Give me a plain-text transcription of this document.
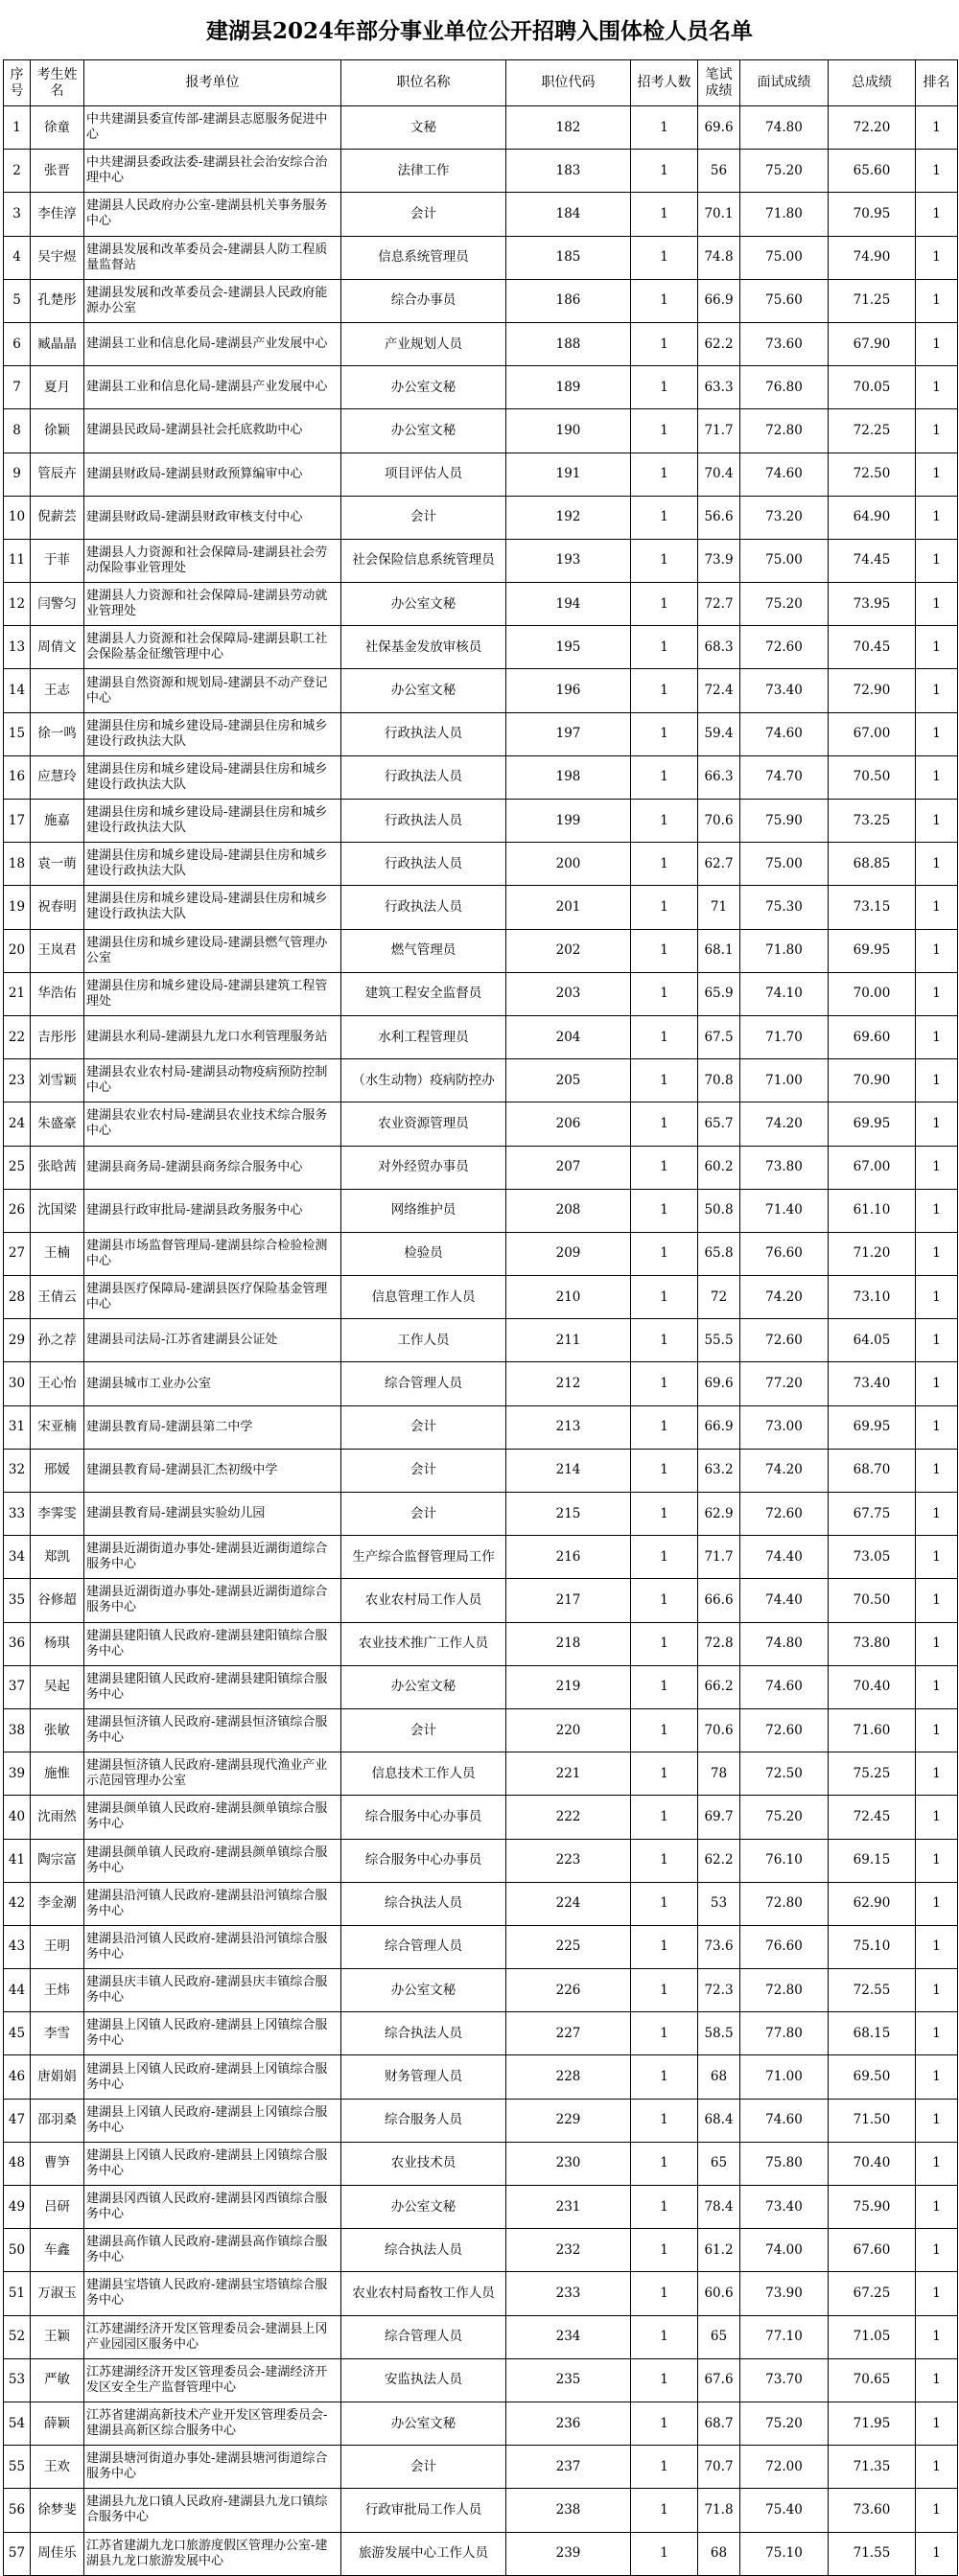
建湖县2024年部分事业单位公开招聘入围体检人员名单
序号	考生姓名	报考单位	职位名称	职位代码	招考人数	笔试成绩	面试成绩	总成绩	排名
1	徐童	中共建湖县委宣传部-建湖县志愿服务促进中心	文秘	182	1	69.6	74.80	72.20	1
2	张晋	中共建湖县委政法委-建湖县社会治安综合治理中心	法律工作	183	1	56	75.20	65.60	1
3	李佳淳	建湖县人民政府办公室-建湖县机关事务服务中心	会计	184	1	70.1	71.80	70.95	1
4	吴宇煜	建湖县发展和改革委员会-建湖县人防工程质量监督站	信息系统管理员	185	1	74.8	75.00	74.90	1
5	孔楚彤	建湖县发展和改革委员会-建湖县人民政府能源办公室	综合办事员	186	1	66.9	75.60	71.25	1
6	臧晶晶	建湖县工业和信息化局-建湖县产业发展中心	产业规划人员	188	1	62.2	73.60	67.90	1
7	夏月	建湖县工业和信息化局-建湖县产业发展中心	办公室文秘	189	1	63.3	76.80	70.05	1
8	徐颖	建湖县民政局-建湖县社会托底救助中心	办公室文秘	190	1	71.7	72.80	72.25	1
9	管辰卉	建湖县财政局-建湖县财政预算编审中心	项目评估人员	191	1	70.4	74.60	72.50	1
10	倪薪芸	建湖县财政局-建湖县财政审核支付中心	会计	192	1	56.6	73.20	64.90	1
11	于菲	建湖县人力资源和社会保障局-建湖县社会劳动保险事业管理处	社会保险信息系统管理员	193	1	73.9	75.00	74.45	1
12	闫警匀	建湖县人力资源和社会保障局-建湖县劳动就业管理处	办公室文秘	194	1	72.7	75.20	73.95	1
13	周倩文	建湖县人力资源和社会保障局-建湖县职工社会保险基金征缴管理中心	社保基金发放审核员	195	1	68.3	72.60	70.45	1
14	王志	建湖县自然资源和规划局-建湖县不动产登记中心	办公室文秘	196	1	72.4	73.40	72.90	1
15	徐一鸣	建湖县住房和城乡建设局-建湖县住房和城乡建设行政执法大队	行政执法人员	197	1	59.4	74.60	67.00	1
16	应慧玲	建湖县住房和城乡建设局-建湖县住房和城乡建设行政执法大队	行政执法人员	198	1	66.3	74.70	70.50	1
17	施嘉	建湖县住房和城乡建设局-建湖县住房和城乡建设行政执法大队	行政执法人员	199	1	70.6	75.90	73.25	1
18	袁一萌	建湖县住房和城乡建设局-建湖县住房和城乡建设行政执法大队	行政执法人员	200	1	62.7	75.00	68.85	1
19	祝春明	建湖县住房和城乡建设局-建湖县住房和城乡建设行政执法大队	行政执法人员	201	1	71	75.30	73.15	1
20	王岚君	建湖县住房和城乡建设局-建湖县燃气管理办公室	燃气管理员	202	1	68.1	71.80	69.95	1
21	华浩佑	建湖县住房和城乡建设局-建湖县建筑工程管理处	建筑工程安全监督员	203	1	65.9	74.10	70.00	1
22	吉彤彤	建湖县水利局-建湖县九龙口水利管理服务站	水利工程管理员	204	1	67.5	71.70	69.60	1
23	刘雪颖	建湖县农业农村局-建湖县动物疫病预防控制中心	（水生动物）疫病防控办	205	1	70.8	71.00	70.90	1
24	朱盛豪	建湖县农业农村局-建湖县农业技术综合服务中心	农业资源管理员	206	1	65.7	74.20	69.95	1
25	张晗茜	建湖县商务局-建湖县商务综合服务中心	对外经贸办事员	207	1	60.2	73.80	67.00	1
26	沈国梁	建湖县行政审批局-建湖县政务服务中心	网络维护员	208	1	50.8	71.40	61.10	1
27	王楠	建湖县市场监督管理局-建湖县综合检验检测中心	检验员	209	1	65.8	76.60	71.20	1
28	王倩云	建湖县医疗保障局-建湖县医疗保险基金管理中心	信息管理工作人员	210	1	72	74.20	73.10	1
29	孙之荐	建湖县司法局-江苏省建湖县公证处	工作人员	211	1	55.5	72.60	64.05	1
30	王心怡	建湖县城市工业办公室	综合管理人员	212	1	69.6	77.20	73.40	1
31	宋亚楠	建湖县教育局-建湖县第二中学	会计	213	1	66.9	73.00	69.95	1
32	邢媛	建湖县教育局-建湖县汇杰初级中学	会计	214	1	63.2	74.20	68.70	1
33	李霁雯	建湖县教育局-建湖县实验幼儿园	会计	215	1	62.9	72.60	67.75	1
34	郑凯	建湖县近湖街道办事处-建湖县近湖街道综合服务中心	生产综合监督管理局工作	216	1	71.7	74.40	73.05	1
35	谷修超	建湖县近湖街道办事处-建湖县近湖街道综合服务中心	农业农村局工作人员	217	1	66.6	74.40	70.50	1
36	杨琪	建湖县建阳镇人民政府-建湖县建阳镇综合服务中心	农业技术推广工作人员	218	1	72.8	74.80	73.80	1
37	吴起	建湖县建阳镇人民政府-建湖县建阳镇综合服务中心	办公室文秘	219	1	66.2	74.60	70.40	1
38	张敏	建湖县恒济镇人民政府-建湖县恒济镇综合服务中心	会计	220	1	70.6	72.60	71.60	1
39	施惟	建湖县恒济镇人民政府-建湖县现代渔业产业示范园管理办公室	信息技术工作人员	221	1	78	72.50	75.25	1
40	沈雨然	建湖县颜单镇人民政府-建湖县颜单镇综合服务中心	综合服务中心办事员	222	1	69.7	75.20	72.45	1
41	陶宗富	建湖县颜单镇人民政府-建湖县颜单镇综合服务中心	综合服务中心办事员	223	1	62.2	76.10	69.15	1
42	李金潮	建湖县沿河镇人民政府-建湖县沿河镇综合服务中心	综合执法人员	224	1	53	72.80	62.90	1
43	王明	建湖县沿河镇人民政府-建湖县沿河镇综合服务中心	综合管理人员	225	1	73.6	76.60	75.10	1
44	王炜	建湖县庆丰镇人民政府-建湖县庆丰镇综合服务中心	办公室文秘	226	1	72.3	72.80	72.55	1
45	李雪	建湖县上冈镇人民政府-建湖县上冈镇综合服务中心	综合执法人员	227	1	58.5	77.80	68.15	1
46	唐娟娟	建湖县上冈镇人民政府-建湖县上冈镇综合服务中心	财务管理人员	228	1	68	71.00	69.50	1
47	邵羽桑	建湖县上冈镇人民政府-建湖县上冈镇综合服务中心	综合服务人员	229	1	68.4	74.60	71.50	1
48	曹笋	建湖县上冈镇人民政府-建湖县上冈镇综合服务中心	农业技术员	230	1	65	75.80	70.40	1
49	吕研	建湖县冈西镇人民政府-建湖县冈西镇综合服务中心	办公室文秘	231	1	78.4	73.40	75.90	1
50	车鑫	建湖县高作镇人民政府-建湖县高作镇综合服务中心	综合执法人员	232	1	61.2	74.00	67.60	1
51	万淑玉	建湖县宝塔镇人民政府-建湖县宝塔镇综合服务中心	农业农村局畜牧工作人员	233	1	60.6	73.90	67.25	1
52	王颖	江苏建湖经济开发区管理委员会-建湖县上冈产业园园区服务中心	综合管理人员	234	1	65	77.10	71.05	1
53	严敏	江苏建湖经济开发区管理委员会-建湖经济开发区安全生产监督管理中心	安监执法人员	235	1	67.6	73.70	70.65	1
54	薛颖	江苏省建湖高新技术产业开发区管理委员会-建湖县高新区综合服务中心	办公室文秘	236	1	68.7	75.20	71.95	1
55	王欢	建湖县塘河街道办事处-建湖县塘河街道综合服务中心	会计	237	1	70.7	72.00	71.35	1
56	徐梦斐	建湖县九龙口镇人民政府-建湖县九龙口镇综合服务中心	行政审批局工作人员	238	1	71.8	75.40	73.60	1
57	周佳乐	江苏省建湖九龙口旅游度假区管理办公室-建湖县九龙口旅游发展中心	旅游发展中心工作人员	239	1	68	75.10	71.55	1
